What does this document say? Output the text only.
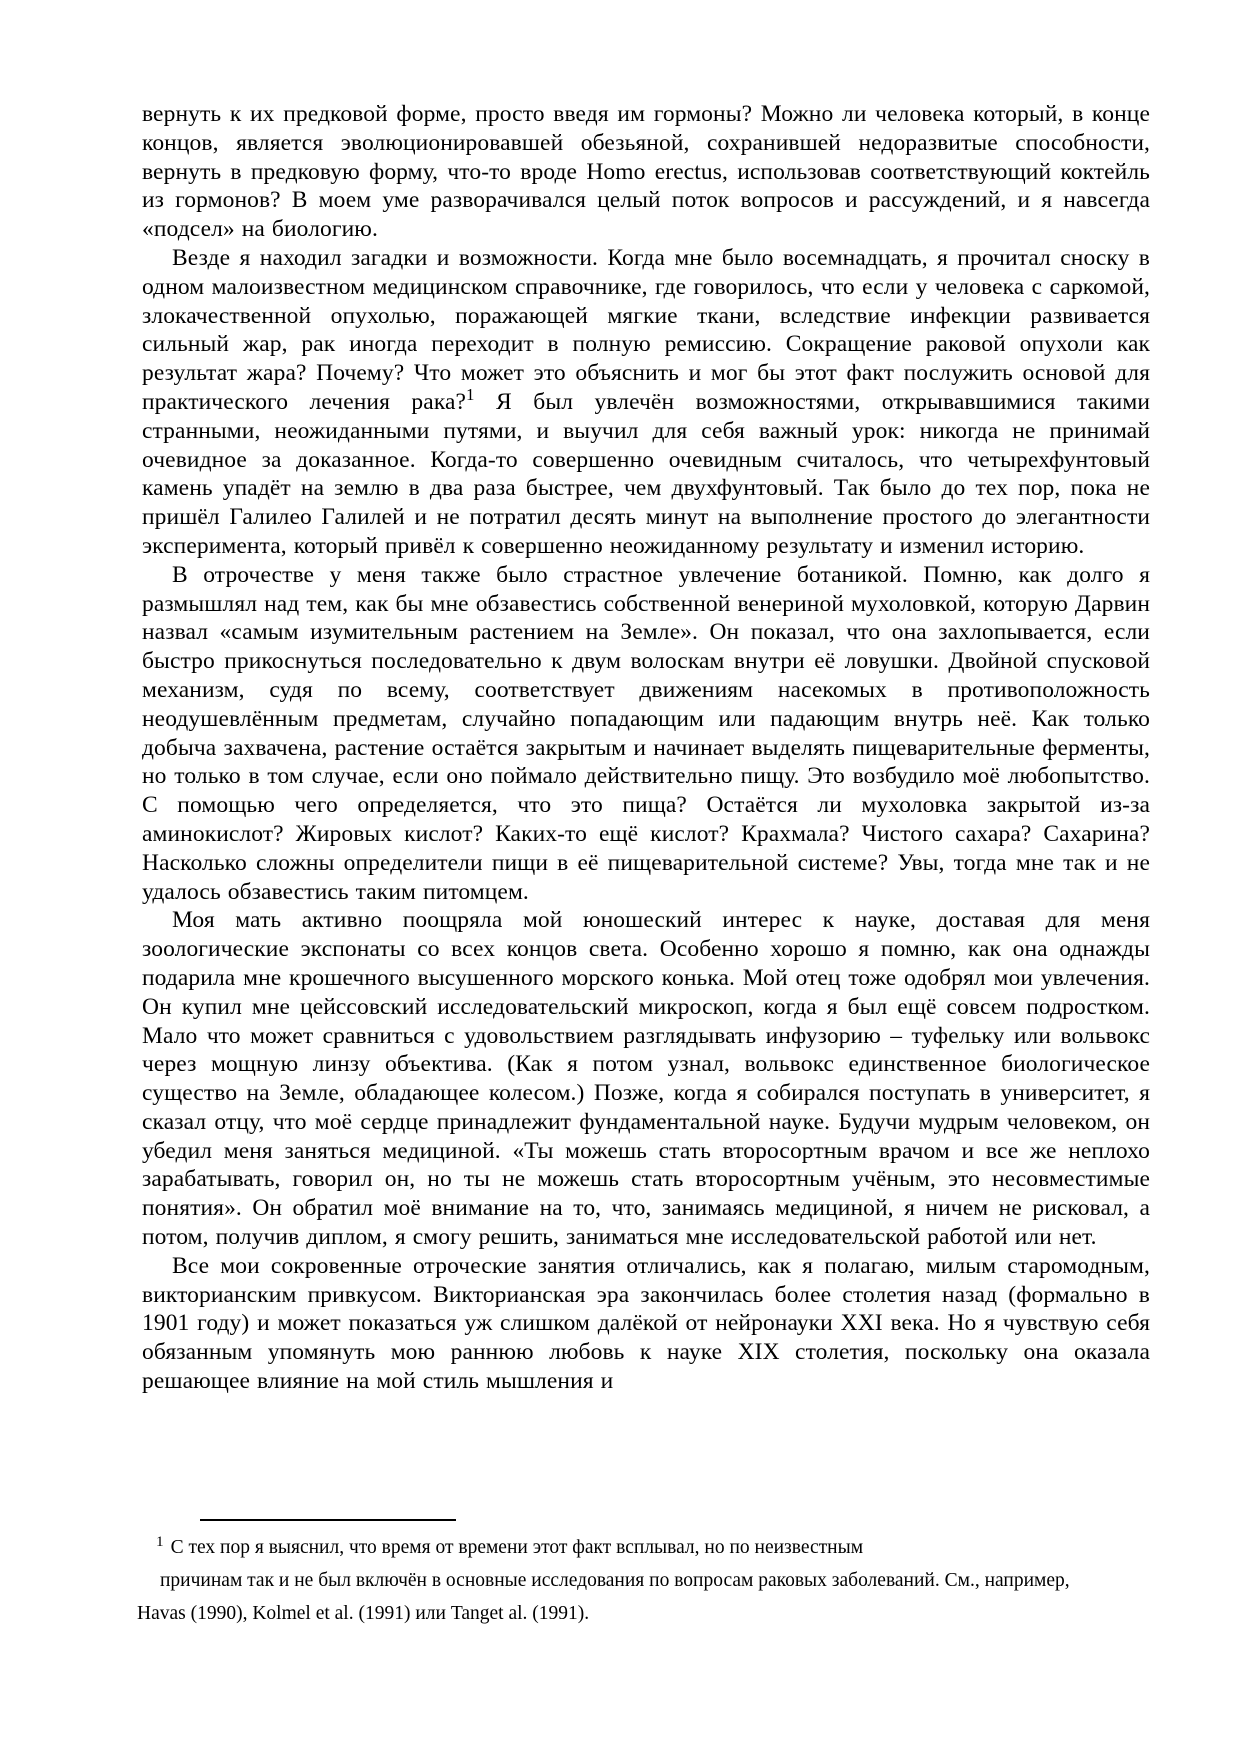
вернуть к их предковой форме, просто введя им гормоны? Можно ли человека который, в конце концов, является эволюционировавшей обезьяной, сохранившей недоразвитые способности, вернуть в предковую форму, что-то вроде Homo erectus, использовав соответствующий коктейль из гормонов? В моем уме разворачивался целый поток вопросов и рассуждений, и я навсегда «подсел» на биологию.

Везде я находил загадки и возможности. Когда мне было восемнадцать, я прочитал сноску в одном малоизвестном медицинском справочнике, где говорилось, что если у человека с саркомой, злокачественной опухолью, поражающей мягкие ткани, вследствие инфекции развивается сильный жар, рак иногда переходит в полную ремиссию. Сокращение раковой опухоли как результат жара? Почему? Что может это объяснить и мог бы этот факт послужить основой для практического лечения рака?$^1$ Я был увлечён возможностями, открывавшимися такими странными, неожиданными путями, и выучил для себя важный урок: никогда не принимай очевидное за доказанное. Когда-то совершенно очевидным считалось, что четырехфунтовый камень упадёт на землю в два раза быстрее, чем двухфунтовый. Так было до тех пор, пока не пришёл Галилео Галилей и не потратил десять минут на выполнение простого до элегантности эксперимента, который привёл к совершенно неожиданному результату и изменил историю.

В отрочестве у меня также было страстное увлечение ботаникой. Помню, как долго я размышлял над тем, как бы мне обзавестись собственной венериной мухоловкой, которую Дарвин назвал «самым изумительным растением на Земле». Он показал, что она захлопывается, если быстро прикоснуться последовательно к двум волоскам внутри её ловушки. Двойной спусковой механизм, судя по всему, соответствует движениям насекомых в противоположность неодушевлённым предметам, случайно попадающим или падающим внутрь неё. Как только добыча захвачена, растение остаётся закрытым и начинает выделять пищеварительные ферменты, но только в том случае, если оно поймало действительно пищу. Это возбудило моё любопытство. С помощью чего определяется, что это пища? Остаётся ли мухоловка закрытой из-за аминокислот? Жировых кислот? Каких-то ещё кислот? Крахмала? Чистого сахара? Сахарина? Насколько сложны определители пищи в её пищеварительной системе? Увы, тогда мне так и не удалось обзавестись таким питомцем.

Моя мать активно поощряла мой юношеский интерес к науке, доставая для меня зоологические экспонаты со всех концов света. Особенно хорошо я помню, как она однажды подарила мне крошечного высушенного морского конька. Мой отец тоже одобрял мои увлечения. Он купил мне цейссовский исследовательский микроскоп, когда я был ещё совсем подростком. Мало что может сравниться с удовольствием разглядывать инфузорию – туфельку или вольвокс через мощную линзу объектива. (Как я потом узнал, вольвокс единственное биологическое существо на Земле, обладающее колесом.) Позже, когда я собирался поступать в университет, я сказал отцу, что моё сердце принадлежит фундаментальной науке. Будучи мудрым человеком, он убедил меня заняться медициной. «Ты можешь стать второсортным врачом и все же неплохо зарабатывать, говорил он, но ты не можешь стать второсортным учёным, это несовместимые понятия». Он обратил моё внимание на то, что, занимаясь медициной, я ничем не рисковал, а потом, получив диплом, я смогу решить, заниматься мне исследовательской работой или нет.

Все мои сокровенные отроческие занятия отличались, как я полагаю, милым старомодным, викторианским привкусом. Викторианская эра закончилась более столетия назад (формально в 1901 году) и может показаться уж слишком далёкой от нейронауки XXI века. Но я чувствую себя обязанным упомянуть мою раннюю любовь к науке XIX столетия, поскольку она оказала решающее влияние на мой стиль мышления и

$^1$ С тех пор я выяснил, что время от времени этот факт всплывал, но по неизвестным
причинам так и не был включён в основные исследования по вопросам раковых заболеваний. См., например,
Havas (1990), Kolmel et al. (1991) или Tanget al. (1991).
